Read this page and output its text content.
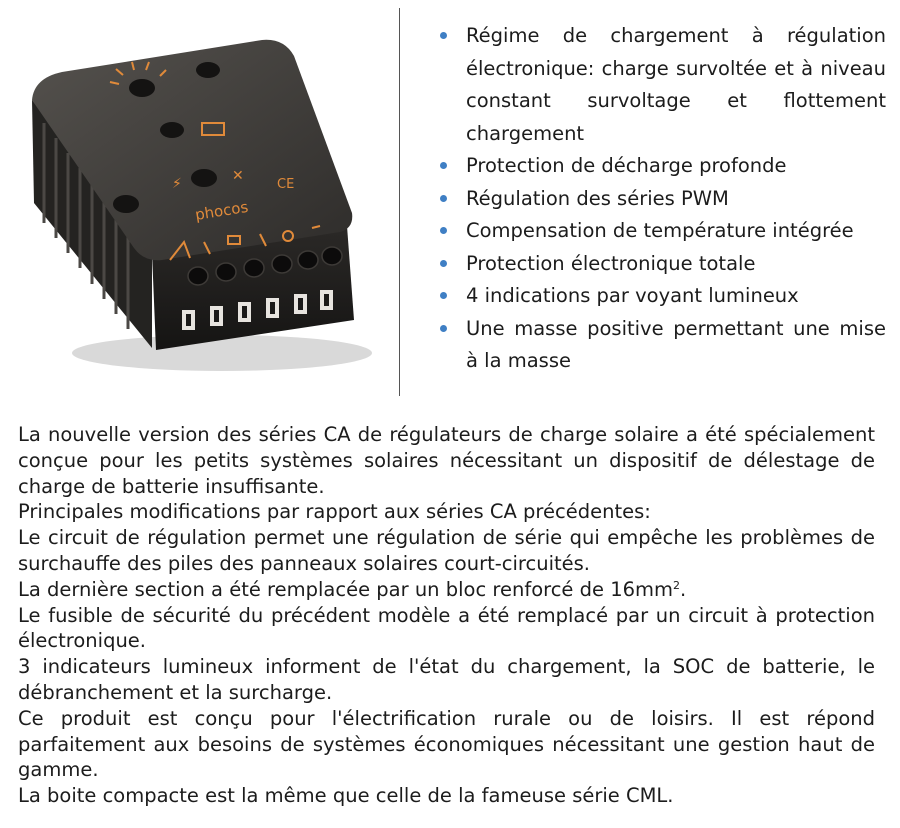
⚡	✕
CE
phocos
Régime de chargement à régulation électronique: charge survoltée et à niveau constant survoltage et flottement chargement
Protection de décharge profonde
Régulation des séries PWM
Compensation de température intégrée
Protection électronique totale
4 indications par voyant lumineux
Une masse positive permettant une mise à la masse

La nouvelle version des séries CA de régulateurs de charge solaire a été spécialement conçue pour les petits systèmes solaires nécessitant un dispositif de délestage de charge de batterie insuffisante.

Principales modifications par rapport aux séries CA précédentes:

Le circuit de régulation permet une régulation de série qui empêche les problèmes de surchauffe des piles des panneaux solaires court-circuités.

La dernière section a été remplacée par un bloc renforcé de $16mm^2$.

Le fusible de sécurité du précédent modèle a été remplacé par un circuit à protection électronique.

3 indicateurs lumineux informent de l'état du chargement, la SOC de batterie, le débranchement et la surcharge.

Ce produit est conçu pour l'électrification rurale ou de loisirs. Il est répond parfaitement aux besoins de systèmes économiques nécessitant une gestion haut de gamme.

La boite compacte est la même que celle de la fameuse série CML.
